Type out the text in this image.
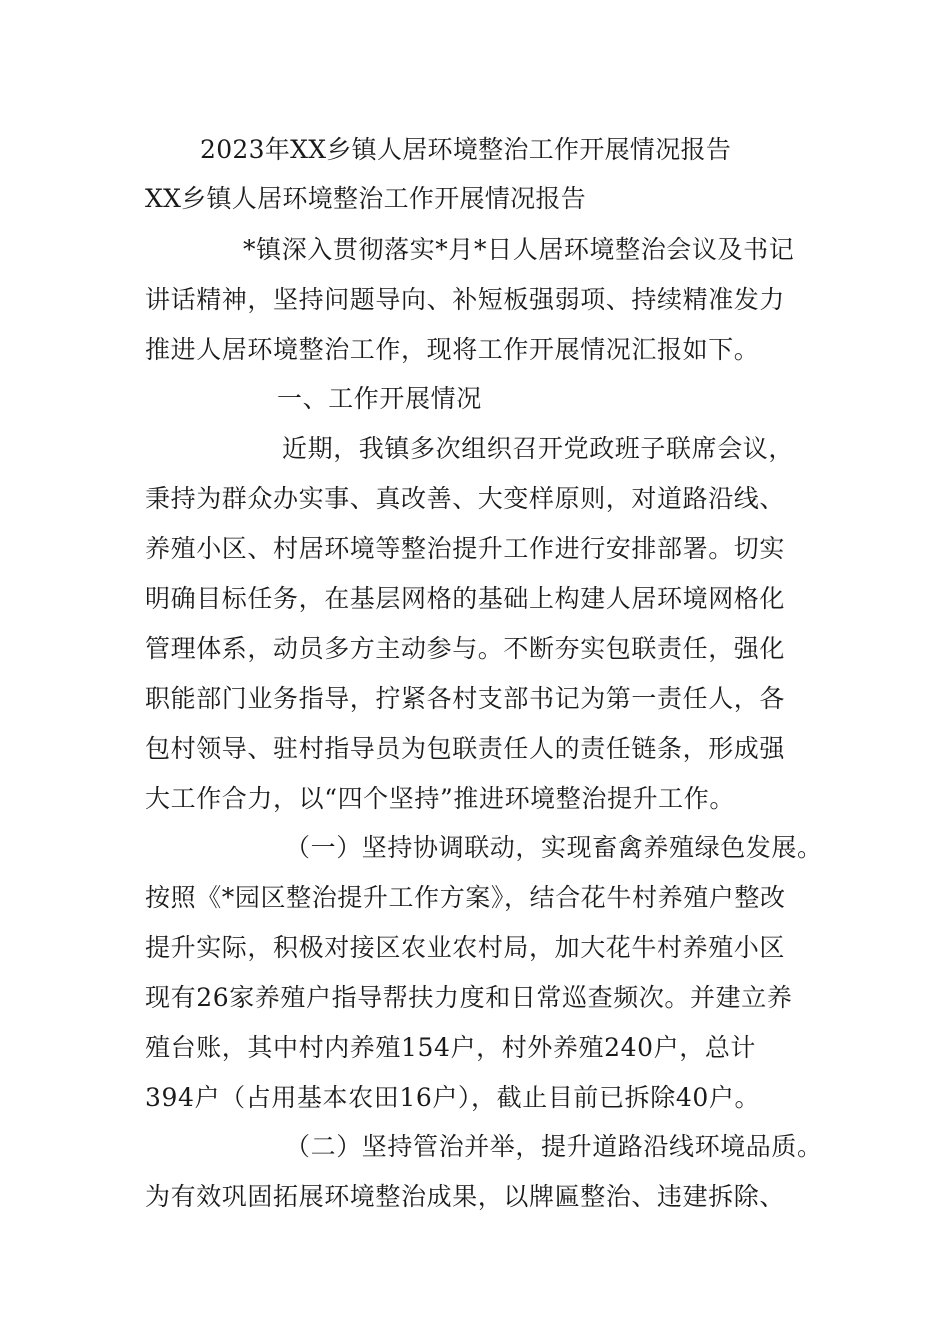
2023年XX乡镇人居环境整治工作开展情况报告
XX乡镇人居环境整治工作开展情况报告
*镇深入贯彻落实*月*日人居环境整治会议及书记
讲话精神，坚持问题导向、补短板强弱项、持续精准发力
推进人居环境整治工作，现将工作开展情况汇报如下。
一、工作开展情况
近期，我镇多次组织召开党政班子联席会议，
秉持为群众办实事、真改善、大变样原则，对道路沿线、
养殖小区、村居环境等整治提升工作进行安排部署。切实
明确目标任务，在基层网格的基础上构建人居环境网格化
管理体系，动员多方主动参与。不断夯实包联责任，强化
职能部门业务指导，拧紧各村支部书记为第一责任人，各
包村领导、驻村指导员为包联责任人的责任链条，形成强
大工作合力，以“四个坚持”推进环境整治提升工作。
（一）坚持协调联动，实现畜禽养殖绿色发展。
按照《*园区整治提升工作方案》，结合花牛村养殖户整改
提升实际，积极对接区农业农村局，加大花牛村养殖小区
现有26家养殖户指导帮扶力度和日常巡查频次。并建立养
殖台账，其中村内养殖154户，村外养殖240户，总计
394户（占用基本农田16户），截止目前已拆除40户。
（二）坚持管治并举，提升道路沿线环境品质。
为有效巩固拓展环境整治成果，以牌匾整治、违建拆除、
